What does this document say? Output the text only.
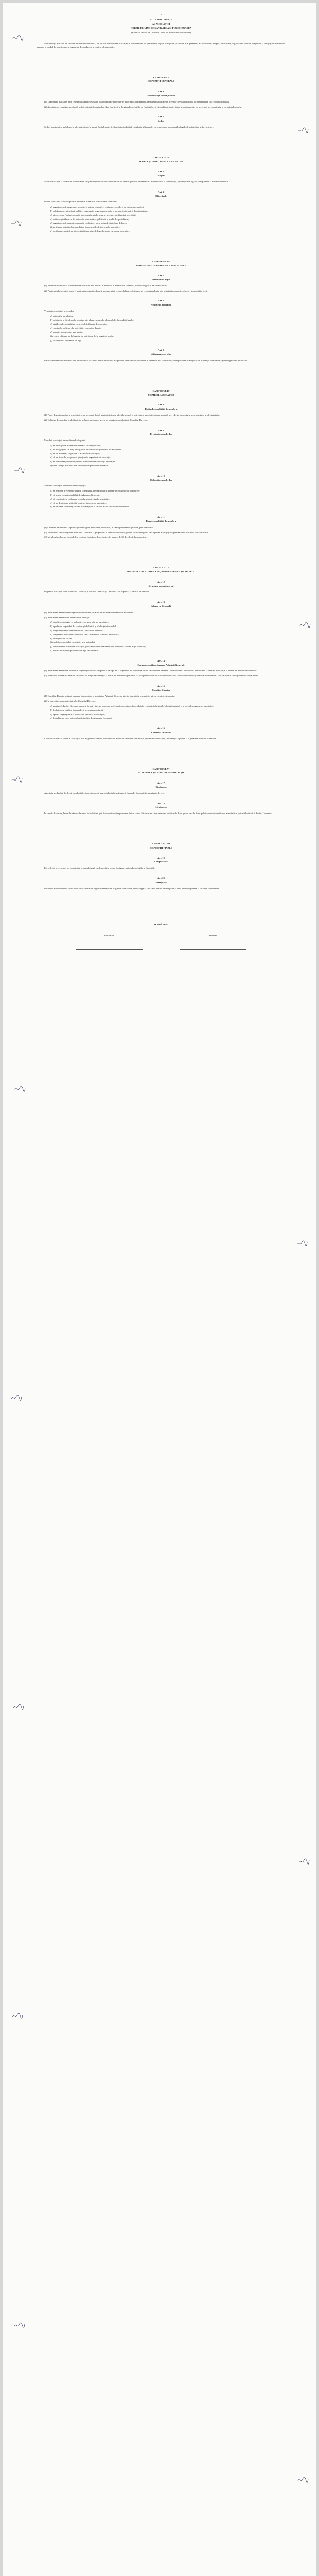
7
ACT CONSTITUTIV
AL ASOCIAȚIEI
NORME PRIVIND ORGANIZAREA ȘI FUNCȚIONAREA
(Redactat la data de 12 martie 2021, cu modificările ulterioare)

Subsemnații asociați, în calitate de membri fondatori, au hotărât constituirea asociației în conformitate cu prevederile legale în vigoare, stabilind prin prezentul act constitutiv scopul, obiectivele, organizarea internă, drepturile și obligațiile membrilor, precum și modul de funcționare al organelor de conducere și control ale asociației.

CAPITOLUL I
DISPOZIȚII GENERALE
Art. 1
Denumirea și forma juridică

(1) Denumirea asociației este cea stabilită prin dovada de disponibilitate eliberată de autoritatea competentă, iar forma juridică este aceea de persoană juridică de drept privat, fără scop patrimonial.

(2) Asociația se constituie pe durată nedeterminată, începând cu data înscrierii în Registrul asociațiilor și fundațiilor, și își desfășoară activitatea în conformitate cu prezentul act constitutiv și cu statutul propriu.

Art. 2
Sediul

Sediul asociației se stabilește la adresa indicată în statut. Sediul poate fi schimbat prin hotărârea Adunării Generale, cu respectarea procedurilor legale de publicitate și înregistrare.

CAPITOLUL II
SCOPUL ȘI OBIECTIVELE ASOCIAȚIEI
Art. 3
Scopul

Scopul asociației îl constituie promovarea, sprijinirea și dezvoltarea activităților de interes general, în beneficiul membrilor și al comunității, prin mijloace legale, transparente și nediscriminatorii.

Art. 4
Obiectivele

Pentru realizarea scopului propus, asociația urmărește următoarele obiective:

a) organizarea de programe, proiecte și acțiuni educative, culturale, sociale și de informare publică;
b) colaborarea cu instituții publice, organizații neguvernamentale și parteneri din țară și din străinătate;
c) atragerea de fonduri, donații, sponsorizări și alte resurse necesare desfășurării activității;
d) editarea și difuzarea de materiale informative, publicații și studii de specialitate;
e) organizarea de cursuri, seminarii, conferințe, mese rotunde și ateliere de lucru;
f) sprijinirea inițiativelor membrilor în domeniile de interes ale asociației;
g) desfășurarea oricăror alte activități permise de lege, în acord cu scopul asociației.
CAPITOLUL III
PATRIMONIUL ȘI RESURSELE FINANCIARE
Art. 5
Patrimoniul inițial

(1) Patrimoniul inițial al asociației este constituit din aportul în numerar al membrilor fondatori, vărsat integral la data constituirii.

(2) Patrimoniul asociației poate fi mărit prin cotizații, donații, sponsorizări, legate, dobânzi, dividende și venituri realizate din activități economice directe, în condițiile legii.

Art. 6
Veniturile asociației

Veniturile asociației provin din:

a) cotizațiile membrilor;
b) dobânzile și dividendele rezultate din plasarea sumelor disponibile, în condiții legale;
c) dividendele societăților comerciale înființate de asociație;
d) veniturile realizate din activități economice directe;
e) donații, sponsorizări sau legate;
f) resurse obținute de la bugetul de stat și/sau de la bugetele locale;
g) alte venituri prevăzute de lege.
Art. 7
Utilizarea resurselor

Resursele financiare ale asociației se utilizează exclusiv pentru realizarea scopului și obiectivelor prevăzute în prezentul act constitutiv, cu respectarea principiilor de eficiență, transparență și bună gestiune financiară.

CAPITOLUL IV
MEMBRII ASOCIAȚIEI
Art. 8
Dobândirea calității de membru

(1) Poate deveni membru al asociației orice persoană fizică sau juridică care aderă la scopul și obiectivele asociației și care acceptă prevederile prezentului act constitutiv și ale statutului.

(2) Calitatea de membru se dobândește pe baza unei cereri scrise de adeziune, aprobată de Consiliul Director.

Art. 9
Drepturile membrilor

Membrii asociației au următoarele drepturi:

a) să participe la Adunarea Generală, cu drept de vot;
b) să aleagă și să fie aleși în organele de conducere și control ale asociației;
c) să fie informați cu privire la activitatea asociației;
d) să participe la programele și acțiunile organizate de asociație;
e) să formuleze propuneri privind îmbunătățirea activității asociației;
f) să se retragă din asociație, în condițiile prevăzute de statut.
Art. 10
Obligațiile membrilor

Membrii asociației au următoarele obligații:

a) să respecte prevederile actului constitutiv, ale statutului și hotărârile organelor de conducere;
b) să achite cotizația stabilită de Adunarea Generală;
c) să contribuie la realizarea scopului și obiectivelor asociației;
d) să nu desfășoare activități contrare intereselor asociației;
e) să păstreze confidențialitatea informațiilor la care au acces în calitate de membri.
Art. 11
Pierderea calității de membru

(1) Calitatea de membru se pierde prin retragere, excludere, deces sau, în cazul persoanelor juridice, prin dizolvare.

(2) Excluderea se hotărăște de Adunarea Generală, la propunerea Consiliului Director, pentru încălcarea gravă sau repetată a obligațiilor prevăzute în prezentul act constitutiv.

(3) Membrul exclus are dreptul de a contesta hotărârea de excludere în termen de 30 de zile de la comunicare.

CAPITOLUL V
ORGANELE DE CONDUCERE, ADMINISTRARE ȘI CONTROL
Art. 12
Structura organizatorică

Organele asociației sunt: Adunarea Generală, Consiliul Director și Cenzorul sau, după caz, Comisia de cenzori.

Art. 13
Adunarea Generală

(1) Adunarea Generală este organul de conducere, alcătuit din totalitatea membrilor asociației.

(2) Adunarea Generală are următoarele atribuții:

a) stabilirea strategiei și a obiectivelor generale ale asociației;
b) aprobarea bugetului de venituri și cheltuieli și a bilanțului contabil;
c) alegerea și revocarea membrilor Consiliului Director;
d) alegerea și revocarea cenzorului sau a membrilor comisiei de cenzori;
e) înființarea de filiale;
f) modificarea actului constitutiv și a statutului;
g) dizolvarea și lichidarea asociației, precum și stabilirea destinației bunurilor rămase după lichidare;
h) orice alte atribuții prevăzute în lege sau în statut.
Art. 14
Convocarea și funcționarea Adunării Generale

(1) Adunarea Generală se întrunește în ședință ordinară cel puțin o dată pe an și în ședință extraordinară ori de câte ori este necesar, la convocarea Consiliului Director sau la cererea a cel puțin o treime din numărul membrilor.

(2) Hotărârile Adunării Generale se adoptă cu majoritatea simplă a voturilor membrilor prezenți, cu excepția hotărârilor privind modificarea actului constitutiv și dizolvarea asociației, care se adoptă cu majoritate de două treimi.

Art. 15
Consiliul Director

(1) Consiliul Director asigură punerea în executare a hotărârilor Adunării Generale și este format din președinte, vicepreședinte și secretar.

(2) În exercitarea competenței sale, Consiliul Director:

a) prezintă Adunării Generale raportul de activitate pe perioada anterioară, executarea bugetului de venituri și cheltuieli, bilanțul contabil și proiectul programelor asociației;
b) încheie acte juridice în numele și pe seama asociației;
c) aprobă organigrama și politica de personal a asociației;
d) îndeplinește orice alte atribuții stabilite de Adunarea Generală.
Art. 16
Controlul financiar

Controlul financiar intern al asociației este asigurat de cenzor, care verifică modul în care este administrat patrimoniul asociației, întocmește rapoarte și le prezintă Adunării Generale.

CAPITOLUL VI
DIZOLVAREA ȘI LICHIDAREA ASOCIAȚIEI
Art. 17
Dizolvarea

Asociația se dizolvă de drept, prin hotărâre judecătorească sau prin hotărârea Adunării Generale, în condițiile prevăzute de lege.

Art. 18
Lichidarea

În caz de dizolvare, bunurile rămase în urma lichidării nu pot fi transmise către persoane fizice, ci vor fi transmise către persoane juridice de drept privat sau de drept public cu scop identic sau asemănător, potrivit hotărârii Adunării Generale.

CAPITOLUL VII
DISPOZIȚII FINALE
Art. 19
Completarea

Prevederile prezentului act constitutiv se completează cu dispozițiile legale în vigoare privind asociațiile și fundațiile.

Art. 20
Exemplare

Prezentul act constitutiv a fost redactat și semnat în 4 (patru) exemplare originale, cu valoare juridică egală, câte unul pentru fiecare parte și unul pentru depunere la instanța competentă.

SEMNĂTURI
Președinte	Secretar
